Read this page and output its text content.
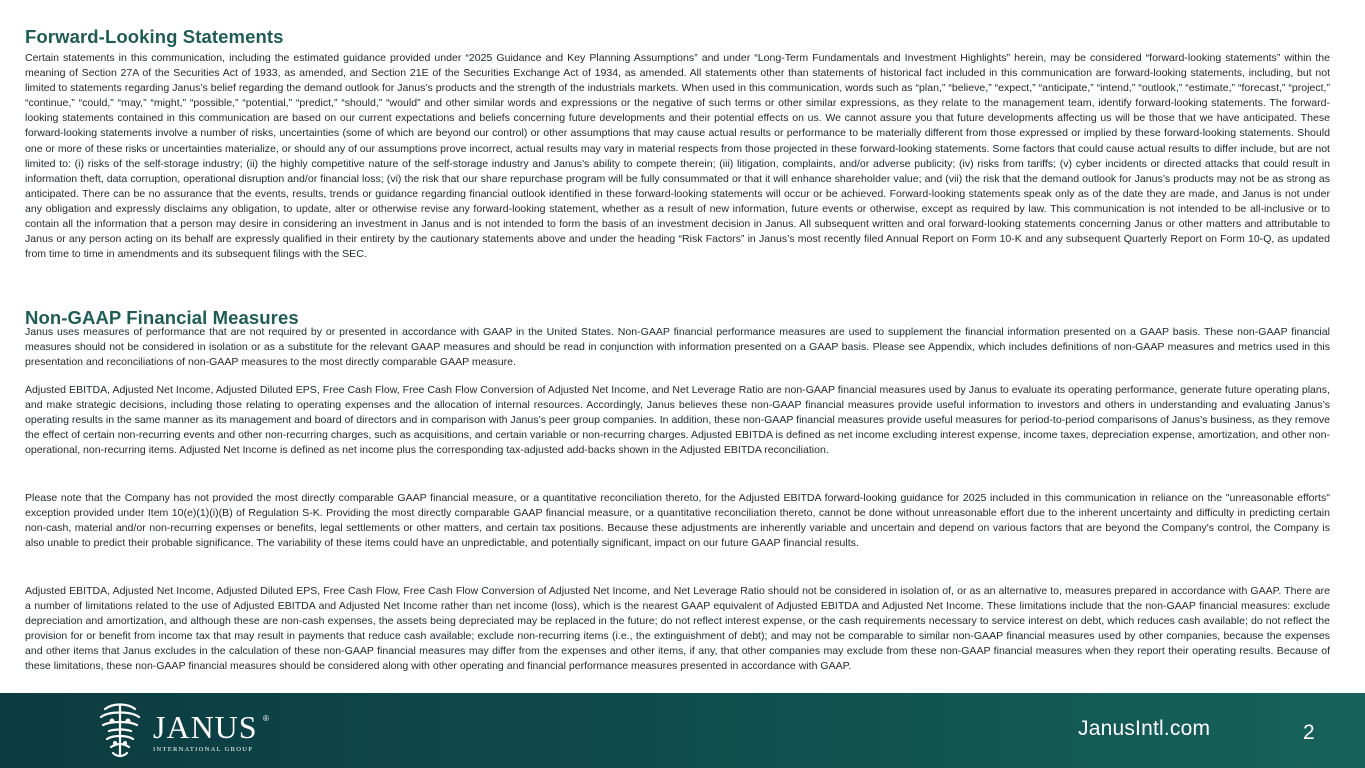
Forward-Looking Statements

Certain statements in this communication, including the estimated guidance provided under “2025 Guidance and Key Planning Assumptions” and under “Long-Term Fundamentals and Investment Highlights” herein, may be considered “forward-looking statements” within the meaning of Section 27A of the Securities Act of 1933, as amended, and Section 21E of the Securities Exchange Act of 1934, as amended. All statements other than statements of historical fact included in this communication are forward-looking statements, including, but not limited to statements regarding Janus’s belief regarding the demand outlook for Janus’s products and the strength of the industrials markets. When used in this communication, words such as “plan,” “believe,” “expect,” “anticipate,” “intend,” “outlook,” “estimate,” “forecast,” “project,” “continue,” “could,” “may,” “might,” “possible,” “potential,” “predict,” “should,” “would” and other similar words and expressions or the negative of such terms or other similar expressions, as they relate to the management team, identify forward-looking statements. The forward-looking statements contained in this communication are based on our current expectations and beliefs concerning future developments and their potential effects on us. We cannot assure you that future developments affecting us will be those that we have anticipated. These forward-looking statements involve a number of risks, uncertainties (some of which are beyond our control) or other assumptions that may cause actual results or performance to be materially different from those expressed or implied by these forward-looking statements. Should one or more of these risks or uncertainties materialize, or should any of our assumptions prove incorrect, actual results may vary in material respects from those projected in these forward-looking statements. Some factors that could cause actual results to differ include, but are not limited to: (i) risks of the self-storage industry; (ii) the highly competitive nature of the self-storage industry and Janus’s ability to compete therein; (iii) litigation, complaints, and/or adverse publicity; (iv) risks from tariffs; (v) cyber incidents or directed attacks that could result in information theft, data corruption, operational disruption and/or financial loss; (vi) the risk that our share repurchase program will be fully consummated or that it will enhance shareholder value; and (vii) the risk that the demand outlook for Janus’s products may not be as strong as anticipated. There can be no assurance that the events, results, trends or guidance regarding financial outlook identified in these forward-looking statements will occur or be achieved. Forward-looking statements speak only as of the date they are made, and Janus is not under any obligation and expressly disclaims any obligation, to update, alter or otherwise revise any forward-looking statement, whether as a result of new information, future events or otherwise, except as required by law. This communication is not intended to be all-inclusive or to contain all the information that a person may desire in considering an investment in Janus and is not intended to form the basis of an investment decision in Janus. All subsequent written and oral forward-looking statements concerning Janus or other matters and attributable to Janus or any person acting on its behalf are expressly qualified in their entirety by the cautionary statements above and under the heading “Risk Factors” in Janus’s most recently filed Annual Report on Form 10-K and any subsequent Quarterly Report on Form 10-Q, as updated from time to time in amendments and its subsequent filings with the SEC.

Non-GAAP Financial Measures

Janus uses measures of performance that are not required by or presented in accordance with GAAP in the United States. Non-GAAP financial performance measures are used to supplement the financial information presented on a GAAP basis. These non-GAAP financial measures should not be considered in isolation or as a substitute for the relevant GAAP measures and should be read in conjunction with information presented on a GAAP basis. Please see Appendix, which includes definitions of non-GAAP measures and metrics used in this presentation and reconciliations of non-GAAP measures to the most directly comparable GAAP measure.

Adjusted EBITDA, Adjusted Net Income, Adjusted Diluted EPS, Free Cash Flow, Free Cash Flow Conversion of Adjusted Net Income, and Net Leverage Ratio are non-GAAP financial measures used by Janus to evaluate its operating performance, generate future operating plans, and make strategic decisions, including those relating to operating expenses and the allocation of internal resources. Accordingly, Janus believes these non-GAAP financial measures provide useful information to investors and others in understanding and evaluating Janus’s operating results in the same manner as its management and board of directors and in comparison with Janus’s peer group companies. In addition, these non-GAAP financial measures provide useful measures for period-to-period comparisons of Janus’s business, as they remove the effect of certain non-recurring events and other non-recurring charges, such as acquisitions, and certain variable or non-recurring charges. Adjusted EBITDA is defined as net income excluding interest expense, income taxes, depreciation expense, amortization, and other non-operational, non-recurring items. Adjusted Net Income is defined as net income plus the corresponding tax-adjusted add-backs shown in the Adjusted EBITDA reconciliation.

Please note that the Company has not provided the most directly comparable GAAP financial measure, or a quantitative reconciliation thereto, for the Adjusted EBITDA forward-looking guidance for 2025 included in this communication in reliance on the "unreasonable efforts" exception provided under Item 10(e)(1)(i)(B) of Regulation S-K. Providing the most directly comparable GAAP financial measure, or a quantitative reconciliation thereto, cannot be done without unreasonable effort due to the inherent uncertainty and difficulty in predicting certain non-cash, material and/or non-recurring expenses or benefits, legal settlements or other matters, and certain tax positions. Because these adjustments are inherently variable and uncertain and depend on various factors that are beyond the Company's control, the Company is also unable to predict their probable significance. The variability of these items could have an unpredictable, and potentially significant, impact on our future GAAP financial results.

Adjusted EBITDA, Adjusted Net Income, Adjusted Diluted EPS, Free Cash Flow, Free Cash Flow Conversion of Adjusted Net Income, and Net Leverage Ratio should not be considered in isolation of, or as an alternative to, measures prepared in accordance with GAAP. There are a number of limitations related to the use of Adjusted EBITDA and Adjusted Net Income rather than net income (loss), which is the nearest GAAP equivalent of Adjusted EBITDA and Adjusted Net Income. These limitations include that the non-GAAP financial measures: exclude depreciation and amortization, and although these are non-cash expenses, the assets being depreciated may be replaced in the future; do not reflect interest expense, or the cash requirements necessary to service interest on debt, which reduces cash available; do not reflect the provision for or benefit from income tax that may result in payments that reduce cash available; exclude non-recurring items (i.e., the extinguishment of debt); and may not be comparable to similar non-GAAP financial measures used by other companies, because the expenses and other items that Janus excludes in the calculation of these non-GAAP financial measures may differ from the expenses and other items, if any, that other companies may exclude from these non-GAAP financial measures when they report their operating results. Because of these limitations, these non-GAAP financial measures should be considered along with other operating and financial performance measures presented in accordance with GAAP.

JANUS ®
INTERNATIONAL GROUP
JanusIntl.com	2
